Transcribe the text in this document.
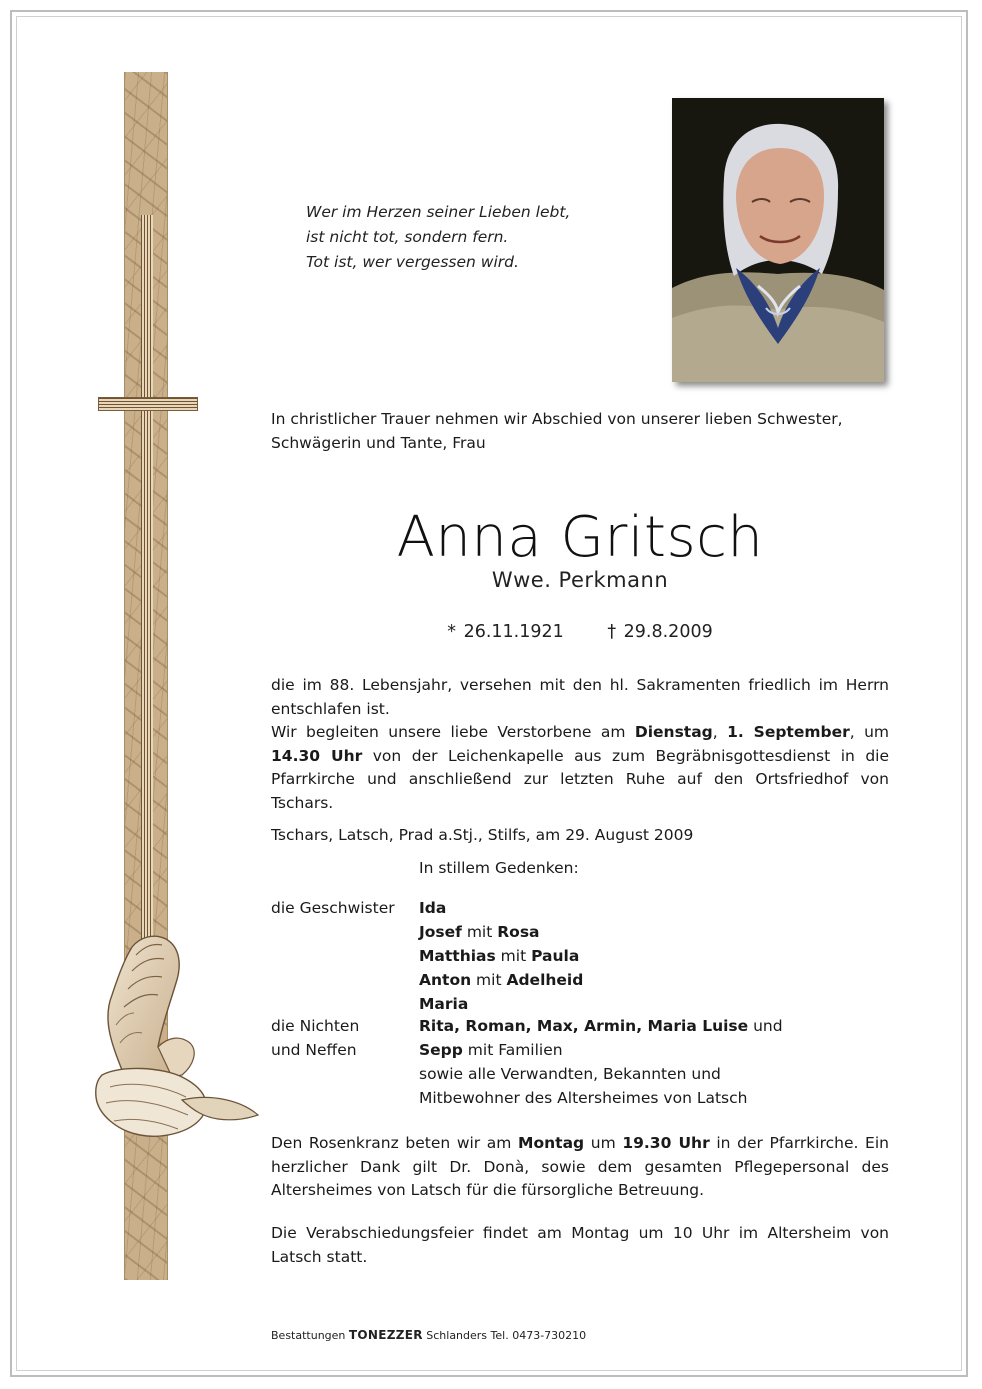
Wer im Herzen seiner Lieben lebt,
ist nicht tot, sondern fern.
Tot ist, wer vergessen wird.
In christlicher Trauer nehmen wir Abschied von unserer lieben Schwester, Schwägerin und Tante, Frau
Anna Gritsch
Wwe. Perkmann
* 26.11.1921 † 29.8.2009
die im 88. Lebensjahr, versehen mit den hl. Sakramenten friedlich im Herrn entschlafen ist.
Wir begleiten unsere liebe Verstorbene am Dienstag, 1. September, um 14.30 Uhr von der Leichenkapelle aus zum Begräbnisgottesdienst in die Pfarrkirche und anschließend zur letzten Ruhe auf den Ortsfriedhof von Tschars.
Tschars, Latsch, Prad a.Stj., Stilfs, am 29. August 2009
In stillem Gedenken:
die Geschwister Ida
Josef mit Rosa
Matthias mit Paula
Anton mit Adelheid
Maria
die Nichten
und Neffen
Rita, Roman, Max, Armin, Maria Luise und
Sepp mit Familien
sowie alle Verwandten, Bekannten und
Mitbewohner des Altersheimes von Latsch
Den Rosenkranz beten wir am Montag um 19.30 Uhr in der Pfarrkirche. Ein herzlicher Dank gilt Dr. Donà, sowie dem gesamten Pflegepersonal des Altersheimes von Latsch für die fürsorgliche Betreuung.
Die Verabschiedungsfeier findet am Montag um 10 Uhr im Altersheim von Latsch statt.
Bestattungen TONEZZER Schlanders Tel. 0473-730210
